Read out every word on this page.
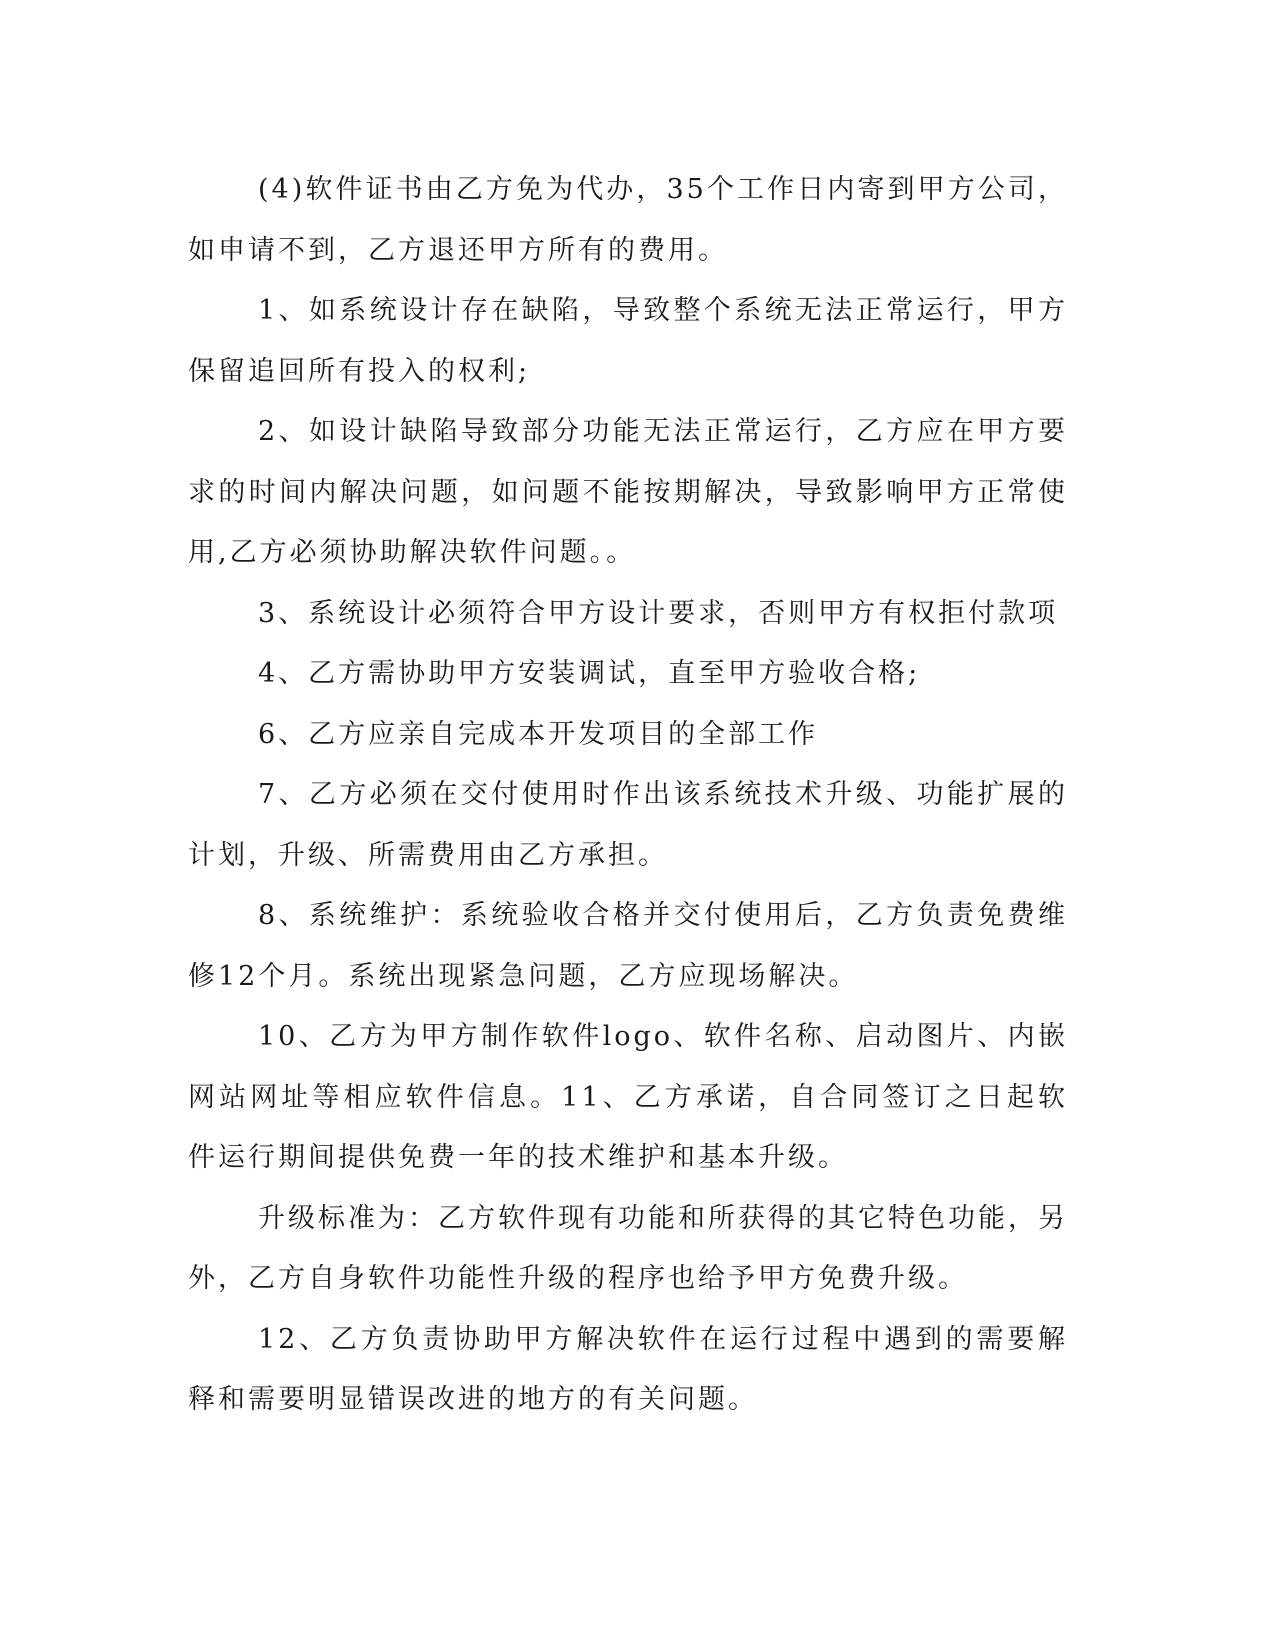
(4)软件证书由乙方免为代办，35个工作日内寄到甲方公司，如申请不到，乙方退还甲方所有的费用。

1、如系统设计存在缺陷，导致整个系统无法正常运行，甲方保留追回所有投入的权利;

2、如设计缺陷导致部分功能无法正常运行，乙方应在甲方要求的时间内解决问题，如问题不能按期解决，导致影响甲方正常使用,乙方必须协助解决软件问题。。

3、系统设计必须符合甲方设计要求，否则甲方有权拒付款项

4、乙方需协助甲方安装调试，直至甲方验收合格;

6、乙方应亲自完成本开发项目的全部工作

7、乙方必须在交付使用时作出该系统技术升级、功能扩展的计划，升级、所需费用由乙方承担。

8、系统维护：系统验收合格并交付使用后，乙方负责免费维修12个月。系统出现紧急问题，乙方应现场解决。

10、乙方为甲方制作软件logo、软件名称、启动图片、内嵌网站网址等相应软件信息。11、乙方承诺，自合同签订之日起软件运行期间提供免费一年的技术维护和基本升级。

升级标准为：乙方软件现有功能和所获得的其它特色功能，另外，乙方自身软件功能性升级的程序也给予甲方免费升级。

12、乙方负责协助甲方解决软件在运行过程中遇到的需要解释和需要明显错误改进的地方的有关问题。
